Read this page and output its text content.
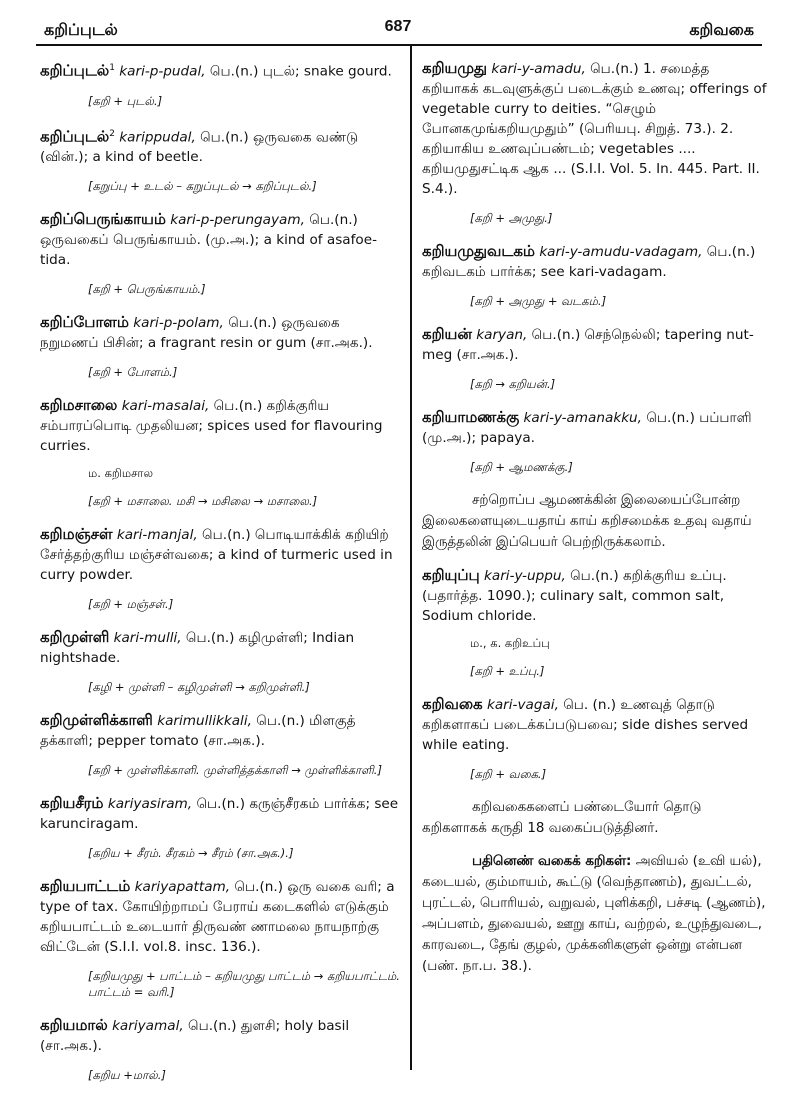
கறிப்புடல்	687	கறிவகை

கறிப்புடல்$^1$ kari-p-pudal, பெ.(n.) புடல்; snake gourd.

[கறி + புடல்.]

கறிப்புடல்$^2$ karippudal, பெ.(n.) ஒருவகை வண்டு (வின்.); a kind of beetle.

[கறுப்பு + உடல் – கறுப்புடல் → கறிப்புடல்.]

கறிப்பெருங்காயம் kari-p-perungayam, பெ.(n.) ஒருவகைப் பெருங்காயம். (மு.அ.); a kind of asafoe-tida.

[கறி + பெருங்காயம்.]

கறிப்போளம் kari-p-polam, பெ.(n.) ஒருவகை நறுமணப் பிசின்; a fragrant resin or gum (சா.அக.).

[கறி + போளம்.]

கறிமசாலை kari-masalai, பெ.(n.) கறிக்குரிய சம்பாரப்பொடி முதலியன; spices used for flavouring curries.

ம. கறிமசால
[கறி + மசாலை. மசி → மசிலை → மசாலை.]

கறிமஞ்சள் kari-manjal, பெ.(n.) பொடியாக்கிக் கறியிற் சேர்த்தற்குரிய மஞ்சள்வகை; a kind of turmeric used in curry powder.

[கறி + மஞ்சள்.]

கறிமுள்ளி kari-mulli, பெ.(n.) கழிமுள்ளி; Indian nightshade.

[கழி + முள்ளி – கழிமுள்ளி → கறிமுள்ளி.]

கறிமுள்ளிக்காளி karimullikkali, பெ.(n.) மிளகுத் தக்காளி; pepper tomato (சா.அக.).

[கறி + முள்ளிக்காளி. முள்ளித்தக்காளி → முள்ளிக்காளி.]

கறியசீரம் kariyasiram, பெ.(n.) கருஞ்சீரகம் பார்க்க; see karunciragam.

[கறிய + சீரம். சீரகம் → சீரம் (சா.அக.).]

கறியபாட்டம் kariyapattam, பெ.(n.) ஒரு வகை வரி; a type of tax. கோயிற்றாமப் பேராய் கடைகளில் எடுக்கும் கறியபாட்டம் உடையார் திருவண் ணாமலை நாயநாற்கு விட்டேன் (S.I.I. vol.8. insc. 136.).

[கறியமுது + பாட்டம் – கறியமுது பாட்டம் → கறியபாட்டம். பாட்டம் = வரி.]

கறியமால் kariyamal, பெ.(n.) துளசி; holy basil (சா.அக.).

[கறிய +மால்.]

கறியமுது kari-y-amadu, பெ.(n.) 1. சமைத்த கறியாகக் கடவுளுக்குப் படைக்கும் உணவு; offerings of vegetable curry to deities. “செழும் போனகமுங்கறியமுதும்” (பெரியபு. சிறுத். 73.). 2. கறியாகிய உணவுப்பண்டம்; vegetables .... கறியமுதுசட்டிக ஆக ... (S.I.I. Vol. 5. In. 445. Part. II. S.4.).

[கறி + அமுது.]

கறியமுதுவடகம் kari-y-amudu-vadagam, பெ.(n.) கறிவடகம் பார்க்க; see kari-vadagam.

[கறி + அமுது + வடகம்.]

கறியன் karyan, பெ.(n.) செந்நெல்லி; tapering nut-meg (சா.அக.).

[கறி → கறியன்.]

கறியாமணக்கு kari-y-amanakku, பெ.(n.) பப்பாளி (மு.அ.); papaya.

[கறி + ஆமணக்கு.]

சற்றொப்ப ஆமணக்கின் இலையைப்போன்ற இலைகளையுடையதாய் காய் கறிசமைக்க உதவு வதாய் இருத்தலின் இப்பெயர் பெற்றிருக்கலாம்.

கறியுப்பு kari-y-uppu, பெ.(n.) கறிக்குரிய உப்பு. (பதார்த்த. 1090.); culinary salt, common salt, Sodium chloride.

ம., க. கறிஉப்பு
[கறி + உப்பு.]

கறிவகை kari-vagai, பெ. (n.) உணவுத் தொடு கறிகளாகப் படைக்கப்படுபவை; side dishes served while eating.

[கறி + வகை.]

கறிவகைகளைப் பண்டையோர் தொடு கறிகளாகக் கருதி 18 வகைப்படுத்தினர்.

பதினெண் வகைக் கறிகள்: அவியல் (உவி யல்), கடையல், கும்மாயம், கூட்டு (வெந்தாணம்), துவட்டல், புரட்டல், பொரியல், வறுவல், புளிக்கறி, பச்சடி (ஆணம்), அப்பளம், துவையல், ஊறு காய், வற்றல், உழுந்துவடை, காரவடை, தேங் குழல், முக்கனிகளுள் ஒன்று என்பன (பண். நா.ப. 38.).
